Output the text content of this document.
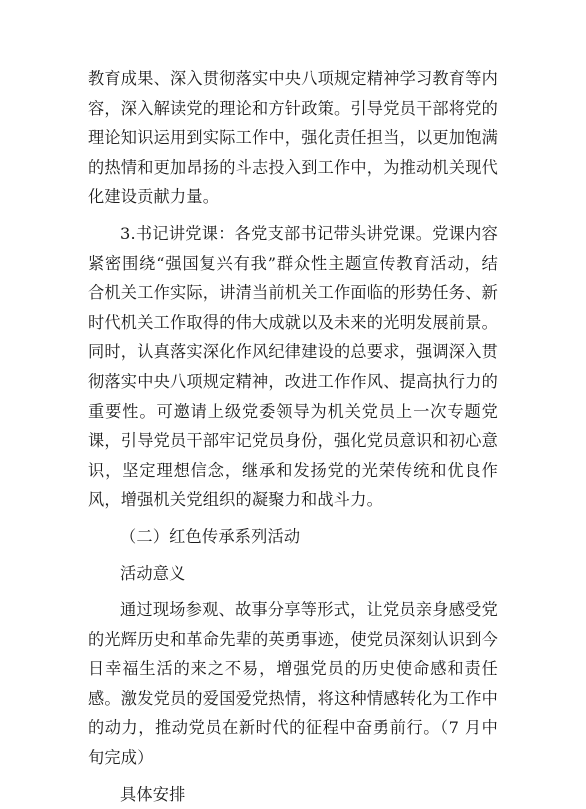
教育成果、深入贯彻落实中央八项规定精神学习教育等内容，深入解读党的理论和方针政策。引导党员干部将党的理论知识运用到实际工作中，强化责任担当，以更加饱满的热情和更加昂扬的斗志投入到工作中，为推动机关现代化建设贡献力量。

3.书记讲党课：各党支部书记带头讲党课。党课内容紧密围绕“强国复兴有我”群众性主题宣传教育活动，结合机关工作实际，讲清当前机关工作面临的形势任务、新时代机关工作取得的伟大成就以及未来的光明发展前景。同时，认真落实深化作风纪律建设的总要求，强调深入贯彻落实中央八项规定精神，改进工作作风、提高执行力的重要性。可邀请上级党委领导为机关党员上一次专题党课，引导党员干部牢记党员身份，强化党员意识和初心意识，坚定理想信念，继承和发扬党的光荣传统和优良作风，增强机关党组织的凝聚力和战斗力。

（二）红色传承系列活动

活动意义

通过现场参观、故事分享等形式，让党员亲身感受党的光辉历史和革命先辈的英勇事迹，使党员深刻认识到今日幸福生活的来之不易，增强党员的历史使命感和责任感。激发党员的爱国爱党热情，将这种情感转化为工作中的动力，推动党员在新时代的征程中奋勇前行。（7 月中旬完成）

具体安排
